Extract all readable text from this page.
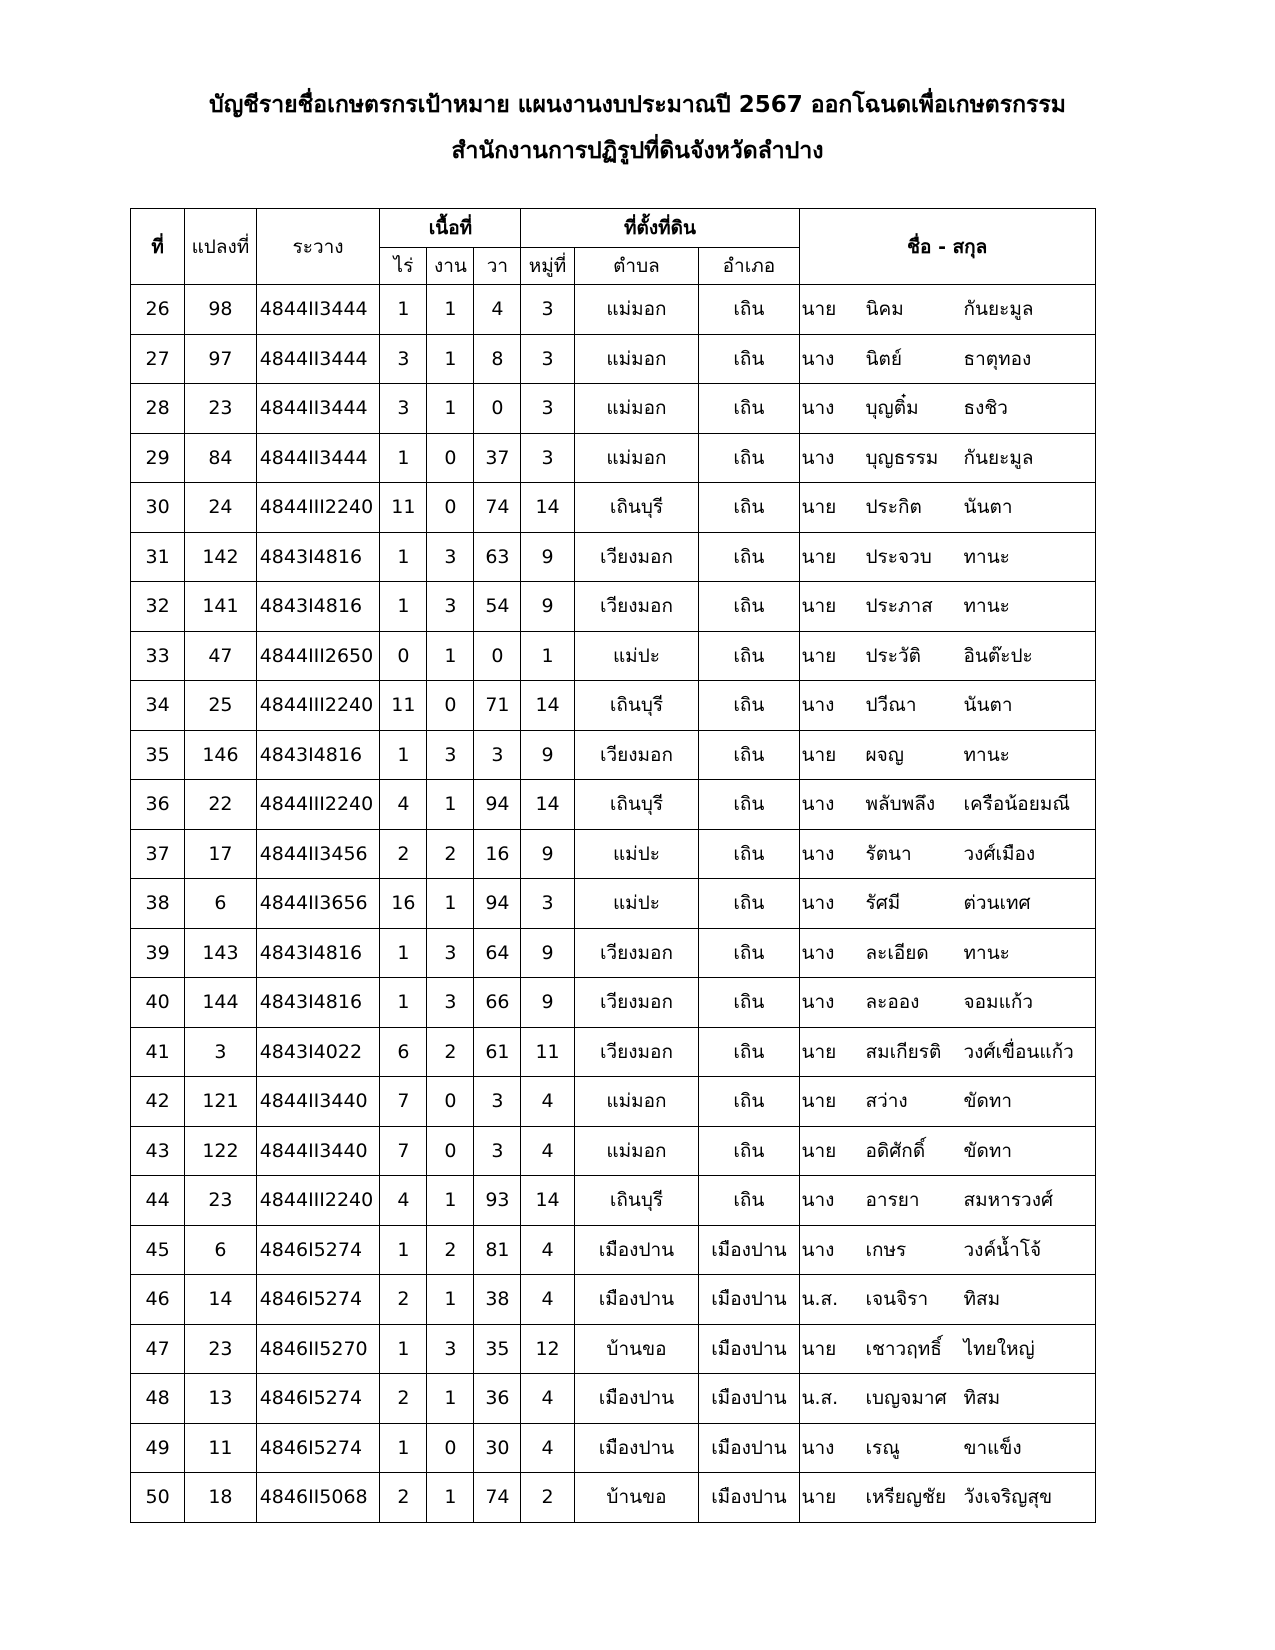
บัญชีรายชื่อเกษตรกรเป้าหมาย แผนงานงบประมาณปี 2567 ออกโฉนดเพื่อเกษตรกรรม
สำนักงานการปฏิรูปที่ดินจังหวัดลำปาง
ที่	แปลงที่	ระวาง	เนื้อที่			ที่ตั้งที่ดิน			ชื่อ - สกุล
			ไร่	งาน	วา	หมู่ที่	ตำบล	อำเภอ	
26	98	4844II3444	1	1	4	3	แม่มอก	เถิน	นาย นิคม กันยะมูล

27	97	4844II3444	3	1	8	3	แม่มอก	เถิน	นาง นิตย์ ธาตุทอง

28	23	4844II3444	3	1	0	3	แม่มอก	เถิน	นาง บุญติ๋ม ธงชิว

29	84	4844II3444	1	0	37	3	แม่มอก	เถิน	นาง บุญธรรม กันยะมูล

30	24	4844III2240	11	0	74	14	เถินบุรี	เถิน	นาย ประกิต นันตา

31	142	4843I4816	1	3	63	9	เวียงมอก	เถิน	นาย ประจวบ ทานะ

32	141	4843I4816	1	3	54	9	เวียงมอก	เถิน	นาย ประภาส ทานะ

33	47	4844III2650	0	1	0	1	แม่ปะ	เถิน	นาย ประวัติ อินต๊ะปะ

34	25	4844III2240	11	0	71	14	เถินบุรี	เถิน	นาง ปวีณา นันตา

35	146	4843I4816	1	3	3	9	เวียงมอก	เถิน	นาย ผจญ ทานะ

36	22	4844III2240	4	1	94	14	เถินบุรี	เถิน	นาง พลับพลึง เครือน้อยมณี

37	17	4844II3456	2	2	16	9	แม่ปะ	เถิน	นาง รัตนา วงศ์เมือง

38	6	4844II3656	16	1	94	3	แม่ปะ	เถิน	นาง รัศมี ต่วนเทศ

39	143	4843I4816	1	3	64	9	เวียงมอก	เถิน	นาง ละเอียด ทานะ

40	144	4843I4816	1	3	66	9	เวียงมอก	เถิน	นาง ละออง จอมแก้ว

41	3	4843I4022	6	2	61	11	เวียงมอก	เถิน	นาย สมเกียรติ วงศ์เขื่อนแก้ว

42	121	4844II3440	7	0	3	4	แม่มอก	เถิน	นาย สว่าง ขัดทา

43	122	4844II3440	7	0	3	4	แม่มอก	เถิน	นาย อดิศักดิ์ ขัดทา

44	23	4844III2240	4	1	93	14	เถินบุรี	เถิน	นาง อารยา สมหารวงศ์

45	6	4846I5274	1	2	81	4	เมืองปาน	เมืองปาน	นาง เกษร วงค์น้ำโจ้

46	14	4846I5274	2	1	38	4	เมืองปาน	เมืองปาน	น.ส. เจนจิรา ทิสม

47	23	4846II5270	1	3	35	12	บ้านขอ	เมืองปาน	นาย เชาวฤทธิ์ ไทยใหญ่

48	13	4846I5274	2	1	36	4	เมืองปาน	เมืองปาน	น.ส. เบญจมาศ ทิสม

49	11	4846I5274	1	0	30	4	เมืองปาน	เมืองปาน	นาง เรณู ขาแข็ง

50	18	4846II5068	2	1	74	2	บ้านขอ	เมืองปาน	นาย เหรียญชัย วังเจริญสุข
